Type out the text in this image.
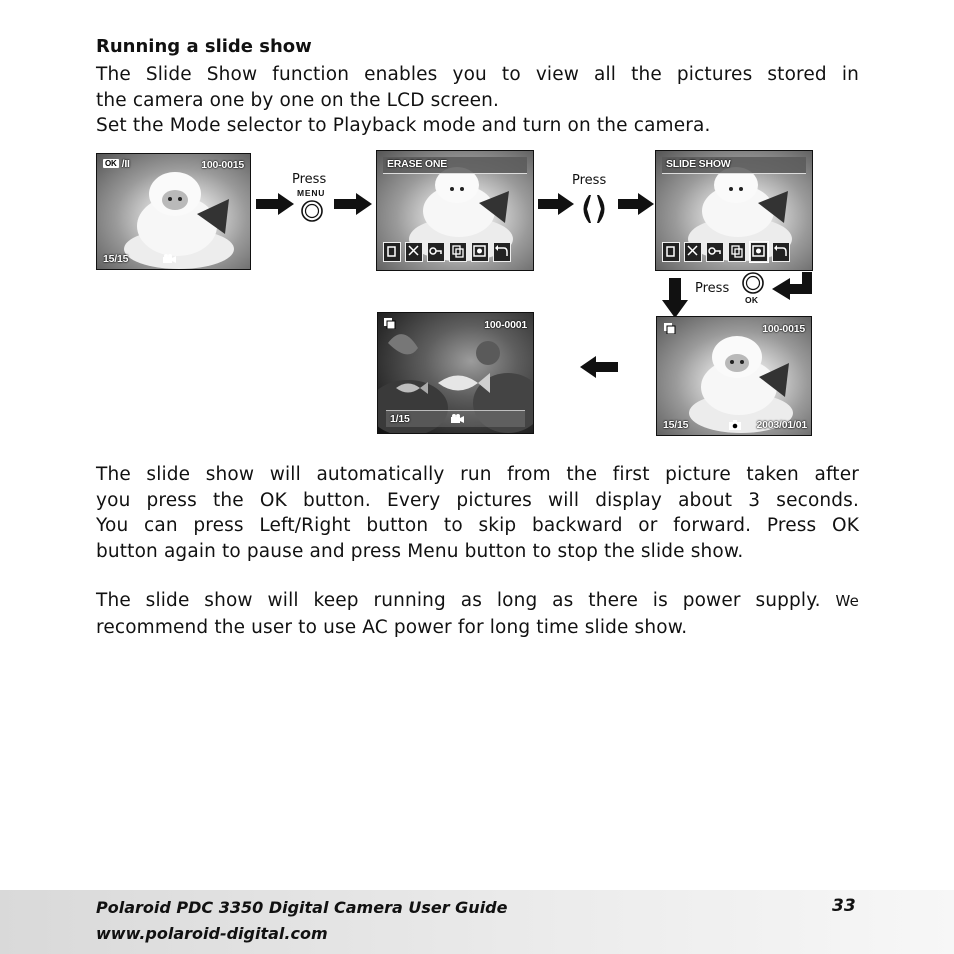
Running a slide show
The Slide Show function enables you to view all the pictures stored in
the camera one by one on the LCD screen.
Set the Mode selector to Playback mode and turn on the camera.
OK /II	100-0015
15/15
Press
MENU
ERASE ONE
Press
SLIDE SHOW
Press
OK
100-0001
1/15
100-0015
15/15	2003/01/01
The slide show will automatically run from the first picture taken after
you press the OK button. Every pictures will display about 3 seconds.
You can press Left/Right button to skip backward or forward. Press OK
button again to pause and press Menu button to stop the slide show.
The slide show will keep running as long as there is power supply. We
recommend the user to use AC power for long time slide show.
Polaroid PDC 3350 Digital Camera User Guide
www.polaroid-digital.com
33
